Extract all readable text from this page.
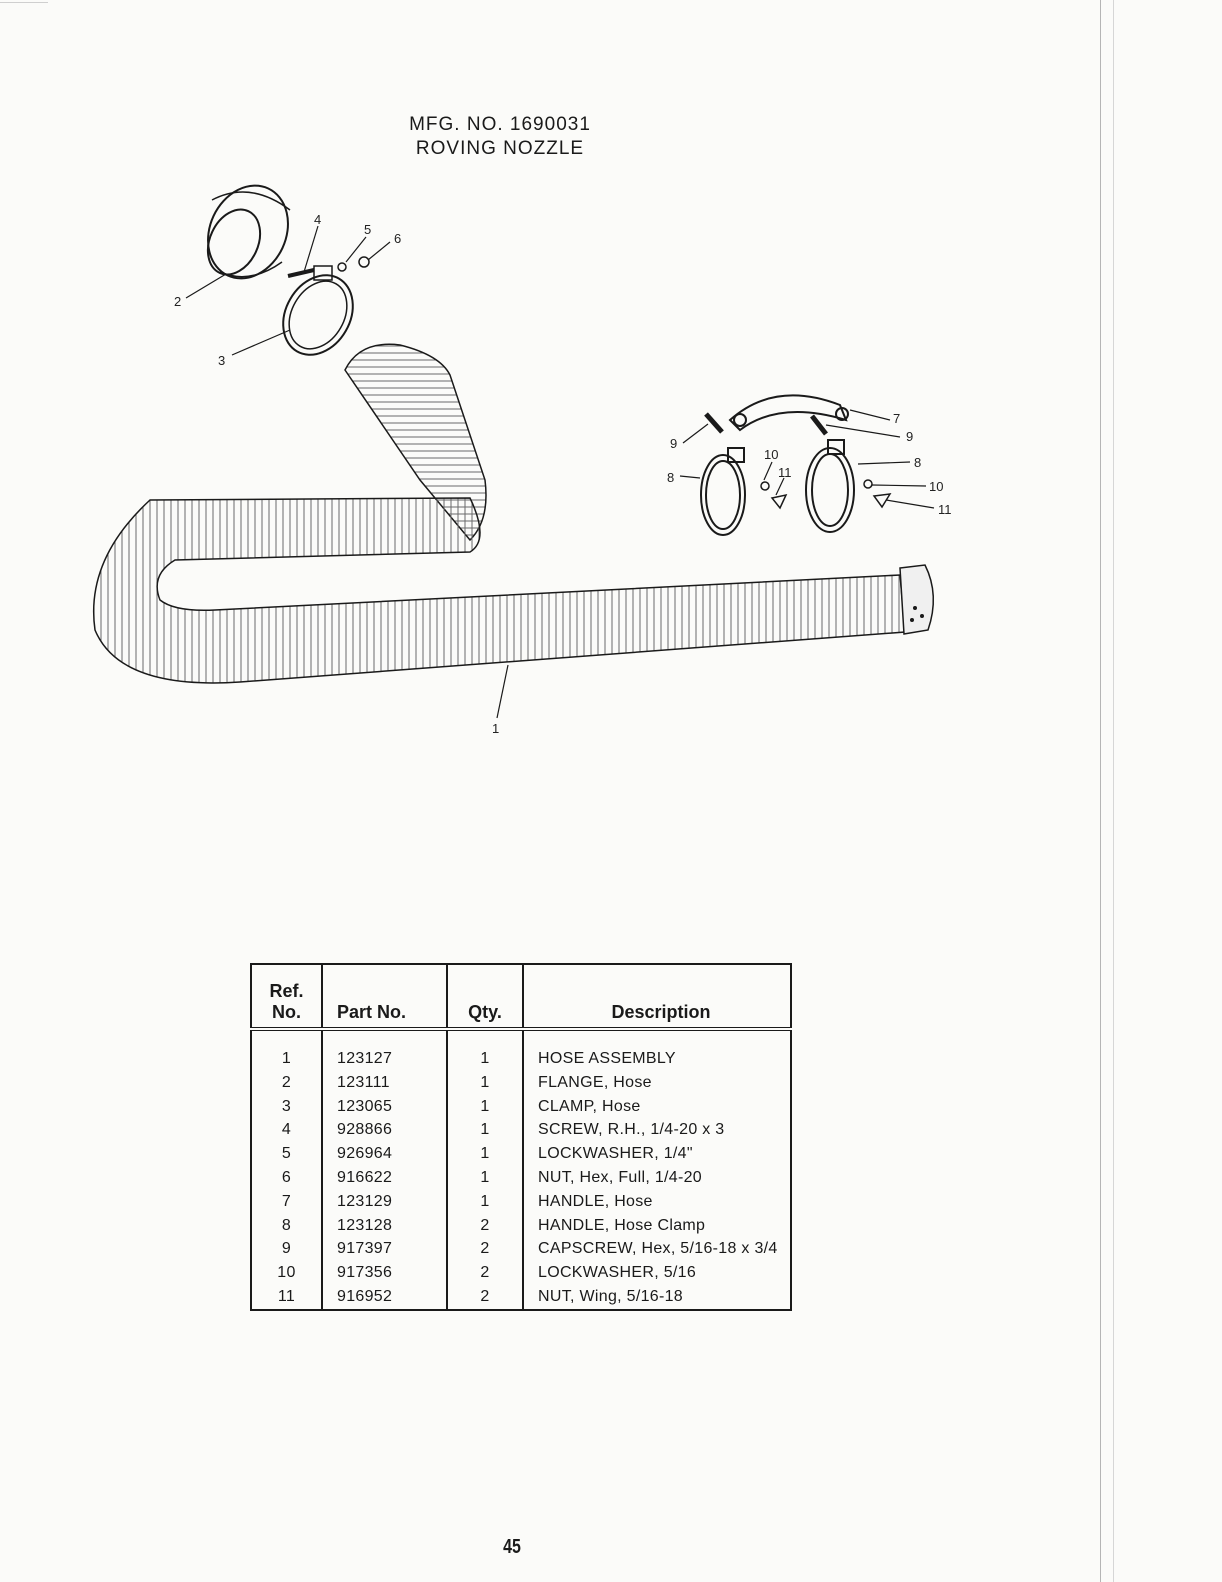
MFG. NO. 1690031
ROVING NOZZLE
1
2
3
4
5
6
7
8
9
10
11
8
9
10
11
Ref.
No.	Part No.	Qty.	Description
1	123127	1	HOSE ASSEMBLY
2	123111	1	FLANGE, Hose
3	123065	1	CLAMP, Hose
4	928866	1	SCREW, R.H., 1/4-20 x 3
5	926964	1	LOCKWASHER, 1/4"
6	916622	1	NUT, Hex, Full, 1/4-20
7	123129	1	HANDLE, Hose
8	123128	2	HANDLE, Hose Clamp
9	917397	2	CAPSCREW, Hex, 5/16-18 x 3/4
10	917356	2	LOCKWASHER, 5/16
11	916952	2	NUT, Wing, 5/16-18
45
